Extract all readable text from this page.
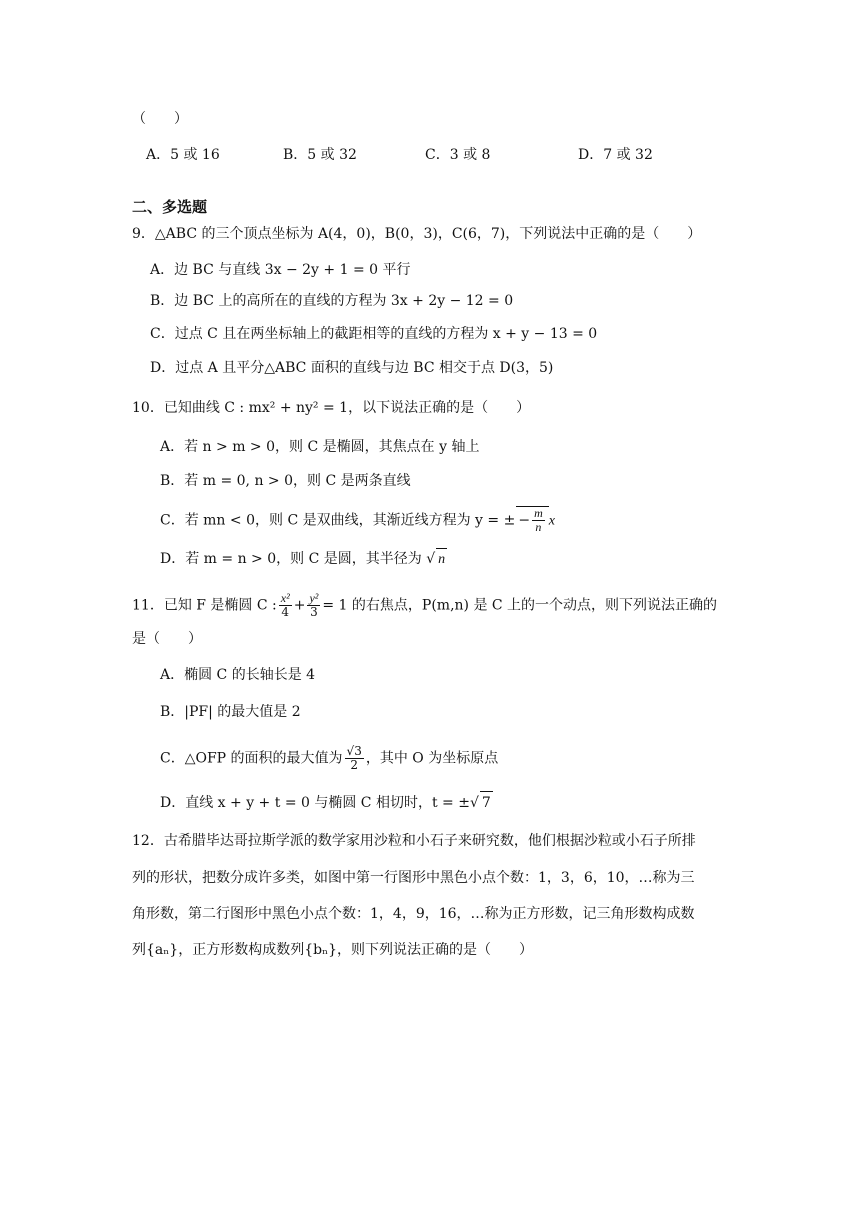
（　　）
A．5 或 16	B．5 或 32	C．3 或 8	D．7 或 32
二、多选题
9．△ABC 的三个顶点坐标为 A(4，0)，B(0，3)，C(6，7)，下列说法中正确的是（　　）
A．边 BC 与直线 3x − 2y + 1 = 0 平行
B．边 BC 上的高所在的直线的方程为 3x + 2y − 12 = 0
C．过点 C 且在两坐标轴上的截距相等的直线的方程为 x + y − 13 = 0
D．过点 A 且平分△ABC 面积的直线与边 BC 相交于点 D(3，5)
10．已知曲线 C : mx² + ny² = 1，以下说法正确的是（　　）
A．若 n > m > 0，则 C 是椭圆，其焦点在 y 轴上
B．若 m = 0, n > 0，则 C 是两条直线
C．若 mn < 0，则 C 是双曲线，其渐近线方程为 y = ± − $\frac{m}{n}$ x
D．若 m = n > 0，则 C 是圆，其半径为 √ n
11．已知 F 是椭圆 C : $\frac{\text{x²}}{4} + \frac{\text{y²}}{3} = 1$ 的右焦点，P(m,n) 是 C 上的一个动点，则下列说法正确的
是（　　）
A．椭圆 C 的长轴长是 4
B．|PF| 的最大值是 2
C．△OFP 的面积的最大值为 $\frac{√3}{2}$ ，其中 O 为坐标原点
D．直线 x + y + t = 0 与椭圆 C 相切时，t = ±√ 7
12．古希腊毕达哥拉斯学派的数学家用沙粒和小石子来研究数，他们根据沙粒或小石子所排
列的形状，把数分成许多类，如图中第一行图形中黑色小点个数：1，3，6，10，…称为三
角形数，第二行图形中黑色小点个数：1，4，9，16，…称为正方形数，记三角形数构成数
列{aₙ}，正方形数构成数列{bₙ}，则下列说法正确的是（　　）
